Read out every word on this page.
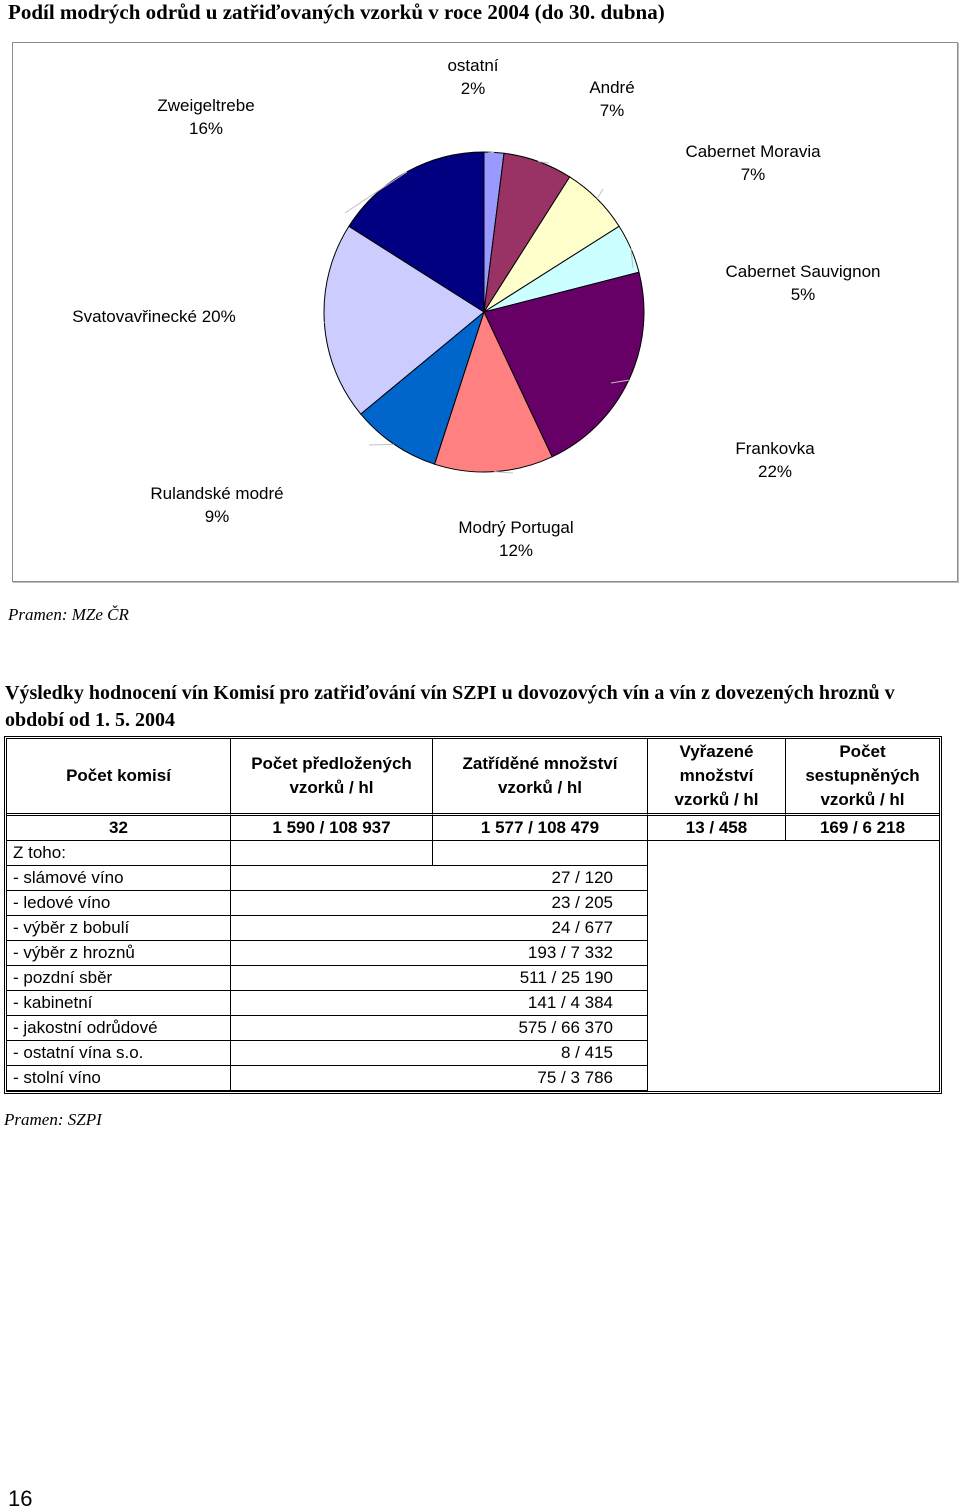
Podíl modrých odrůd u zatřiďovaných vzorků v roce 2004 (do 30. dubna)
ostatní 2%	André 7%
Cabernet Moravia 7%
Cabernet Sauvignon 5%
Frankovka 22%
Modrý Portugal 12%
Rulandské modré 9%
Svatovavřinecké 20%
Zweigeltrebe 16%
Pramen: MZe ČR
Výsledky hodnocení vín Komisí pro zatřiďování vín SZPI u dovozových vín a vín z dovezených hroznů v období od 1. 5. 2004
Počet komisí	Počet předložených vzorků / hl	Zatříděné množství vzorků / hl	Vyřazené množství vzorků / hl	Počet sestupněných vzorků / hl
32	1 590 / 108 937	1 577 / 108 479	13 / 458	169 / 6 218
Z toho:				
- slámové víno	27 / 120			
- ledové víno	23 / 205			
- výběr z bobulí	24 / 677			
- výběr z hroznů	193 / 7 332			
- pozdní sběr	511 / 25 190			
- kabinetní	141 / 4 384			
- jakostní odrůdové	575 / 66 370			
- ostatní vína s.o.	8 / 415			
- stolní víno	75 / 3 786			
Pramen: SZPI
16
